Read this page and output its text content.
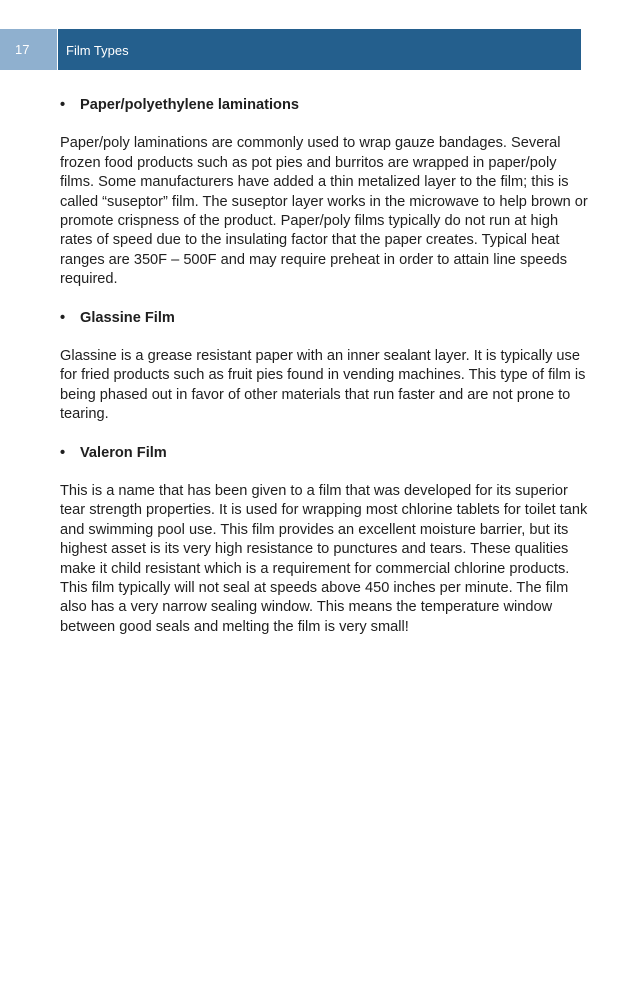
17	Film Types
•	Paper/polyethylene laminations

Paper/poly laminations are commonly used to wrap gauze bandages. Several frozen food products such as pot pies and burritos are wrapped in paper/poly films. Some manufacturers have added a thin metalized layer to the film; this is called “suseptor” film. The suseptor layer works in the microwave to help brown or promote crispness of the product. Paper/poly films typically do not run at high rates of speed due to the insulating factor that the paper creates. Typical heat ranges are 350F – 500F and may require preheat in order to attain line speeds required.

•	Glassine Film

Glassine is a grease resistant paper with an inner sealant layer. It is typically use for fried products such as fruit pies found in vending machines. This type of film is being phased out in favor of other materials that run faster and are not prone to tearing.

•	Valeron Film

This is a name that has been given to a film that was developed for its superior tear strength properties. It is used for wrapping most chlorine tablets for toilet tank and swimming pool use. This film provides an excellent moisture barrier, but its highest asset is its very high resistance to punctures and tears. These qualities make it child resistant which is a requirement for commercial chlorine products. This film typically will not seal at speeds above 450 inches per minute. The film also has a very narrow sealing window. This means the temperature window between good seals and melting the film is very small!
